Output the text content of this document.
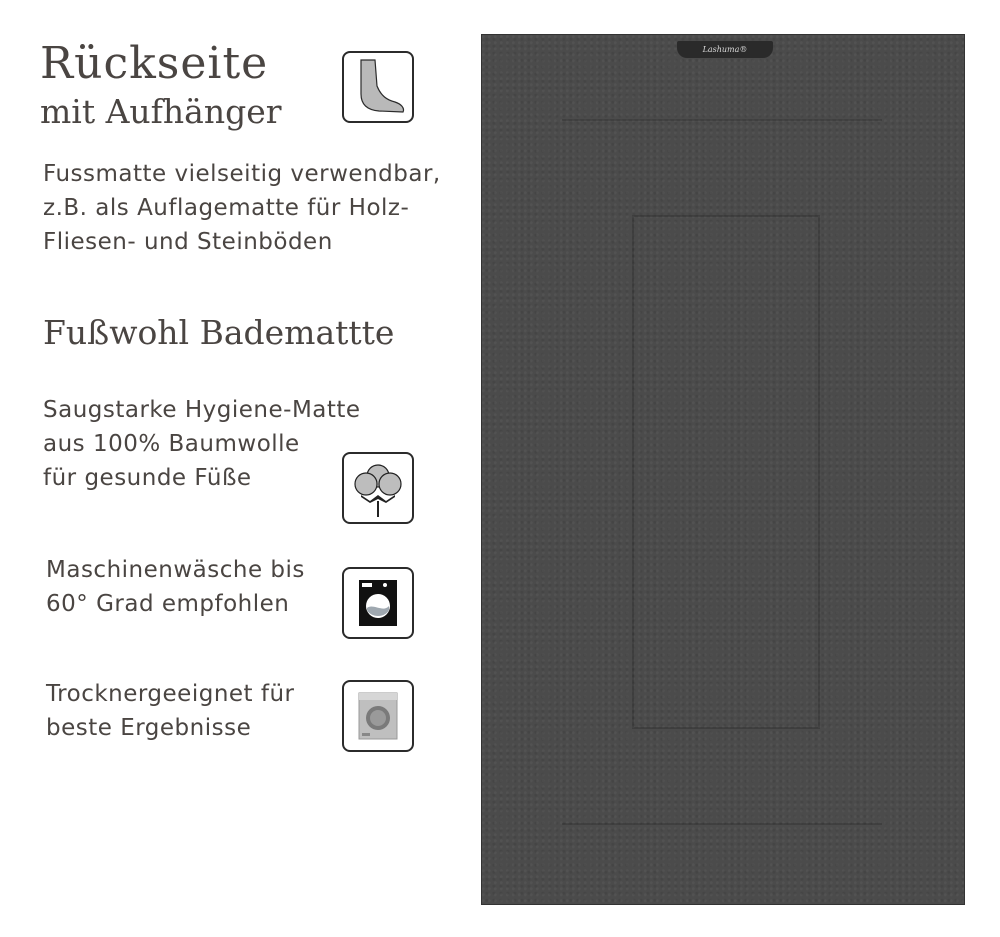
Rückseite
mit Aufhänger
Fussmatte vielseitig verwendbar,
z.B. als Auflagematte für Holz-
Fliesen- und Steinböden
Fußwohl Bademattte
Saugstarke Hygiene-Matte
aus 100% Baumwolle
für gesunde Füße
Maschinenwäsche bis
60° Grad empfohlen
Trocknergeeignet für
beste Ergebnisse
Lashuma®
